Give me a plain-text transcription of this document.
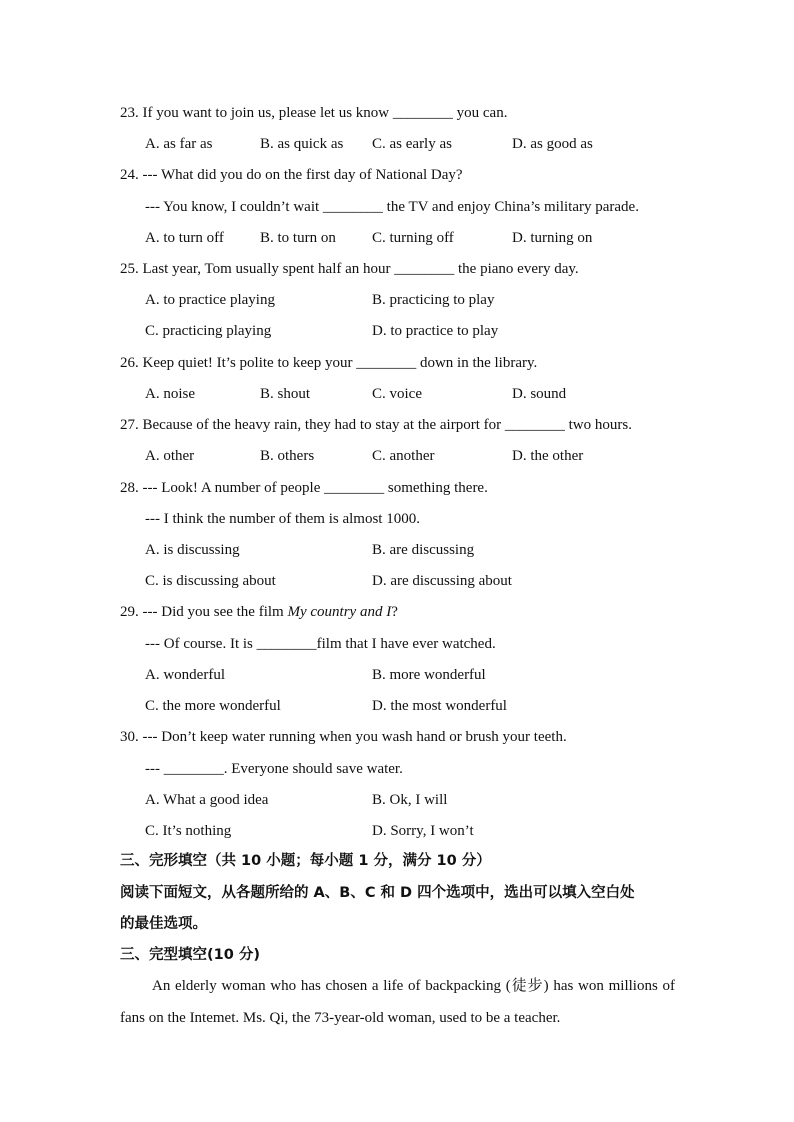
23. If you want to join us, please let us know ________ you can.
A. as far as	B. as quick as C. as early as	D. as good as
24. --- What did you do on the first day of National Day?
--- You know, I couldn’t wait ________ the TV and enjoy China’s military parade.
A. to turn off B. to turn on C. turning off	D. turning on
25. Last year, Tom usually spent half an hour ________ the piano every day.
A. to practice playing	B. practicing to play
C. practicing playing	D. to practice to play
26. Keep quiet! It’s polite to keep your ________ down in the library.
A. noise	B. shout	C. voice	D. sound
27. Because of the heavy rain, they had to stay at the airport for ________ two hours.
A. other	B. others	C. another	D. the other
28. --- Look! A number of people ________ something there.
--- I think the number of them is almost 1000.
A. is discussing	B. are discussing
C. is discussing about	D. are discussing about
29. --- Did you see the film My country and I?
--- Of course. It is ________film that I have ever watched.
A. wonderful	B. more wonderful
C. the more wonderful	D. the most wonderful
30. --- Don’t keep water running when you wash hand or brush your teeth.
--- ________. Everyone should save water.
A. What a good idea	B. Ok, I will
C. It’s nothing	D. Sorry, I won’t
三、完形填空（共 10 小题；每小题 1 分，满分 10 分）
阅读下面短文，从各题所给的 A、B、C 和 D 四个选项中，选出可以填入空白处
的最佳选项。
三、完型填空(10 分)
An elderly woman who has chosen a life of backpacking (徒步) has won millions of fans on the Intemet. Ms. Qi, the 73-year-old woman, used to be a teacher.
